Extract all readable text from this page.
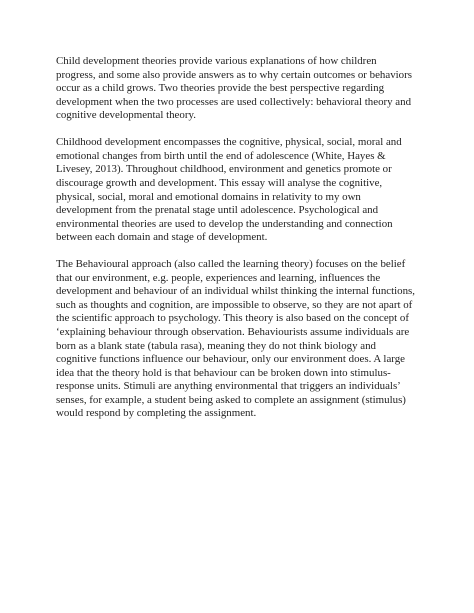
Child development theories provide various explanations of how children progress, and some also provide answers as to why certain outcomes or behaviors occur as a child grows. Two theories provide the best perspective regarding development when the two processes are used collectively: behavioral theory and cognitive developmental theory.

Childhood development encompasses the cognitive, physical, social, moral and emotional changes from birth until the end of adolescence (White, Hayes & Livesey, 2013). Throughout childhood, environment and genetics promote or discourage growth and development. This essay will analyse the cognitive, physical, social, moral and emotional domains in relativity to my own development from the prenatal stage until adolescence. Psychological and environmental theories are used to develop the understanding and connection between each domain and stage of development.

The Behavioural approach (also called the learning theory) focuses on the belief that our environment, e.g. people, experiences and learning, influences the development and behaviour of an individual whilst thinking the internal functions, such as thoughts and cognition, are impossible to observe, so they are not apart of the scientific approach to psychology. This theory is also based on the concept of ‘explaining behaviour through observation. Behaviourists assume individuals are born as a blank state (tabula rasa), meaning they do not think biology and cognitive functions influence our behaviour, only our environment does. A large idea that the theory hold is that behaviour can be broken down into stimulus-response units. Stimuli are anything environmental that triggers an individuals’ senses, for example, a student being asked to complete an assignment (stimulus) would respond by completing the assignment.
